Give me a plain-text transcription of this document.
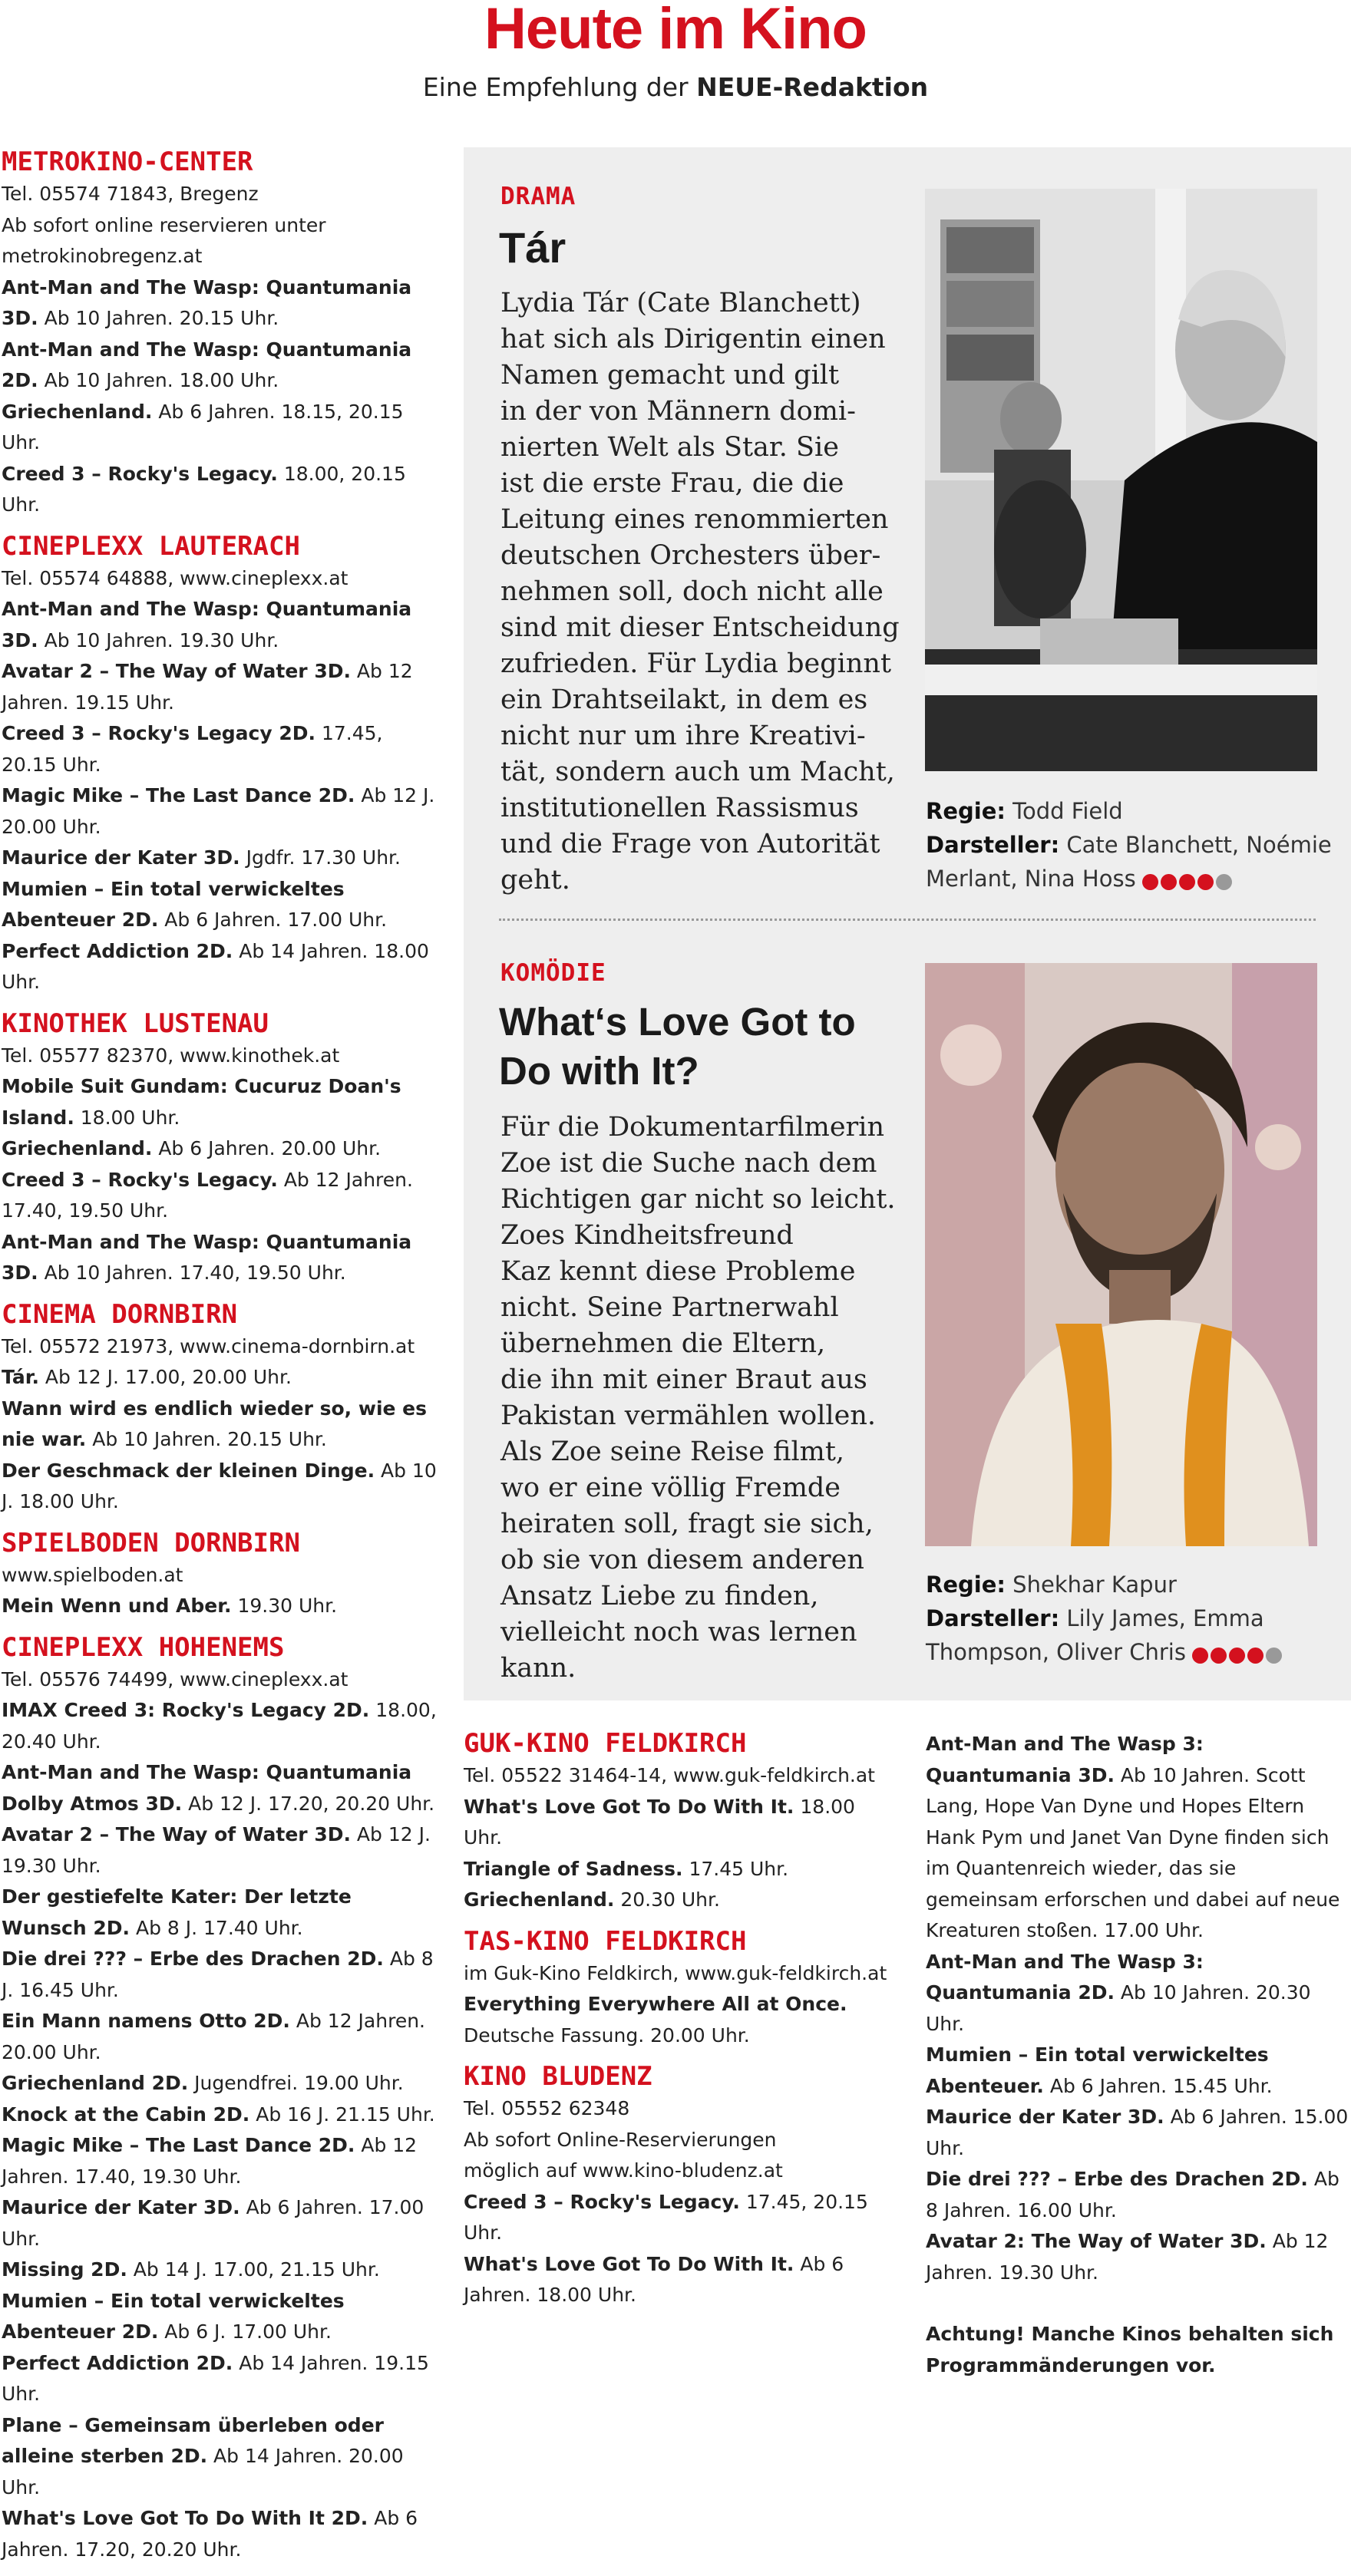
Heute im Kino
Eine Empfehlung der NEUE-Redaktion
METROKINO-CENTER
Tel. 05574 71843, Bregenz
Ab sofort online reservieren unter
metrokinobregenz.at
Ant-Man and The Wasp: Quantumania 3D. Ab 10 Jahren. 20.15 Uhr.
Ant-Man and The Wasp: Quantumania 2D. Ab 10 Jahren. 18.00 Uhr.
Griechenland. Ab 6 Jahren. 18.15, 20.15 Uhr.
Creed 3 – Rocky's Legacy. 18.00, 20.15 Uhr.
CINEPLEXX LAUTERACH
Tel. 05574 64888, www.cineplexx.at
Ant-Man and The Wasp: Quantumania 3D. Ab 10 Jahren. 19.30 Uhr.
Avatar 2 – The Way of Water 3D. Ab 12 Jahren. 19.15 Uhr.
Creed 3 – Rocky's Legacy 2D. 17.45, 20.15 Uhr.
Magic Mike – The Last Dance 2D. Ab 12 J. 20.00 Uhr.
Maurice der Kater 3D. Jgdfr. 17.30 Uhr.
Mumien – Ein total verwickeltes Abenteuer 2D. Ab 6 Jahren. 17.00 Uhr.
Perfect Addiction 2D. Ab 14 Jahren. 18.00 Uhr.
KINOTHEK LUSTENAU
Tel. 05577 82370, www.kinothek.at
Mobile Suit Gundam: Cucuruz Doan's Island. 18.00 Uhr.
Griechenland. Ab 6 Jahren. 20.00 Uhr.
Creed 3 – Rocky's Legacy. Ab 12 Jahren. 17.40, 19.50 Uhr.
Ant-Man and The Wasp: Quantumania 3D. Ab 10 Jahren. 17.40, 19.50 Uhr.
CINEMA DORNBIRN
Tel. 05572 21973, www.cinema-dornbirn.at
Tár. Ab 12 J. 17.00, 20.00 Uhr.
Wann wird es endlich wieder so, wie es nie war. Ab 10 Jahren. 20.15 Uhr.
Der Geschmack der kleinen Dinge. Ab 10 J. 18.00 Uhr.
SPIELBODEN DORNBIRN
www.spielboden.at
Mein Wenn und Aber. 19.30 Uhr.
CINEPLEXX HOHENEMS
Tel. 05576 74499, www.cineplexx.at
IMAX Creed 3: Rocky's Legacy 2D. 18.00, 20.40 Uhr.
Ant-Man and The Wasp: Quantumania Dolby Atmos 3D. Ab 12 J. 17.20, 20.20 Uhr.
Avatar 2 – The Way of Water 3D. Ab 12 J. 19.30 Uhr.
Der gestiefelte Kater: Der letzte Wunsch 2D. Ab 8 J. 17.40 Uhr.
Die drei ??? – Erbe des Drachen 2D. Ab 8 J. 16.45 Uhr.
Ein Mann namens Otto 2D. Ab 12 Jahren. 20.00 Uhr.
Griechenland 2D. Jugendfrei. 19.00 Uhr.
Knock at the Cabin 2D. Ab 16 J. 21.15 Uhr.
Magic Mike – The Last Dance 2D. Ab 12 Jahren. 17.40, 19.30 Uhr.
Maurice der Kater 3D. Ab 6 Jahren. 17.00 Uhr.
Missing 2D. Ab 14 J. 17.00, 21.15 Uhr.
Mumien – Ein total verwickeltes Abenteuer 2D. Ab 6 J. 17.00 Uhr.
Perfect Addiction 2D. Ab 14 Jahren. 19.15 Uhr.
Plane – Gemeinsam überleben oder alleine sterben 2D. Ab 14 Jahren. 20.00 Uhr.
What's Love Got To Do With It 2D. Ab 6 Jahren. 17.20, 20.20 Uhr.
DRAMA
Tár
Lydia Tár (Cate Blanchett)
hat sich als Dirigentin einen
Namen gemacht und gilt
in der von Männern domi-
nierten Welt als Star. Sie
ist die erste Frau, die die
Leitung eines renommierten
deutschen Orchesters über-
nehmen soll, doch nicht alle
sind mit dieser Entscheidung
zufrieden. Für Lydia beginnt
ein Drahtseilakt, in dem es
nicht nur um ihre Kreativi-
tät, sondern auch um Macht,
institutionellen Rassismus
und die Frage von Autorität
geht.
Regie: Todd Field
Darsteller: Cate Blanchett, Noémie
Merlant, Nina Hoss
KOMÖDIE
What‘s Love Got to
Do with It?
Für die Dokumentarfilmerin
Zoe ist die Suche nach dem
Richtigen gar nicht so leicht.
Zoes Kindheitsfreund
Kaz kennt diese Probleme
nicht. Seine Partnerwahl
übernehmen die Eltern,
die ihn mit einer Braut aus
Pakistan vermählen wollen.
Als Zoe seine Reise filmt,
wo er eine völlig Fremde
heiraten soll, fragt sie sich,
ob sie von diesem anderen
Ansatz Liebe zu finden,
vielleicht noch was lernen
kann.
Regie: Shekhar Kapur
Darsteller: Lily James, Emma
Thompson, Oliver Chris
GUK-KINO FELDKIRCH
Tel. 05522 31464-14, www.guk-feldkirch.at
What's Love Got To Do With It. 18.00 Uhr.
Triangle of Sadness. 17.45 Uhr.
Griechenland. 20.30 Uhr.
TAS-KINO FELDKIRCH
im Guk-Kino Feldkirch, www.guk-feldkirch.at
Everything Everywhere All at Once. Deutsche Fassung. 20.00 Uhr.
KINO BLUDENZ
Tel. 05552 62348
Ab sofort Online-Reservierungen
möglich auf www.kino-bludenz.at
Creed 3 – Rocky's Legacy. 17.45, 20.15 Uhr.
What's Love Got To Do With It. Ab 6 Jahren. 18.00 Uhr.
Ant-Man and The Wasp 3: Quantumania 3D. Ab 10 Jahren. Scott Lang, Hope Van Dyne und Hopes Eltern Hank Pym und Janet Van Dyne finden sich im Quantenreich wieder, das sie gemeinsam erforschen und dabei auf neue Kreaturen stoßen. 17.00 Uhr.
Ant-Man and The Wasp 3: Quantumania 2D. Ab 10 Jahren. 20.30 Uhr.
Mumien – Ein total verwickeltes Abenteuer. Ab 6 Jahren. 15.45 Uhr.
Maurice der Kater 3D. Ab 6 Jahren. 15.00 Uhr.
Die drei ??? – Erbe des Drachen 2D. Ab 8 Jahren. 16.00 Uhr.
Avatar 2: The Way of Water 3D. Ab 12 Jahren. 19.30 Uhr.
Achtung! Manche Kinos behalten sich Programmänderungen vor.
